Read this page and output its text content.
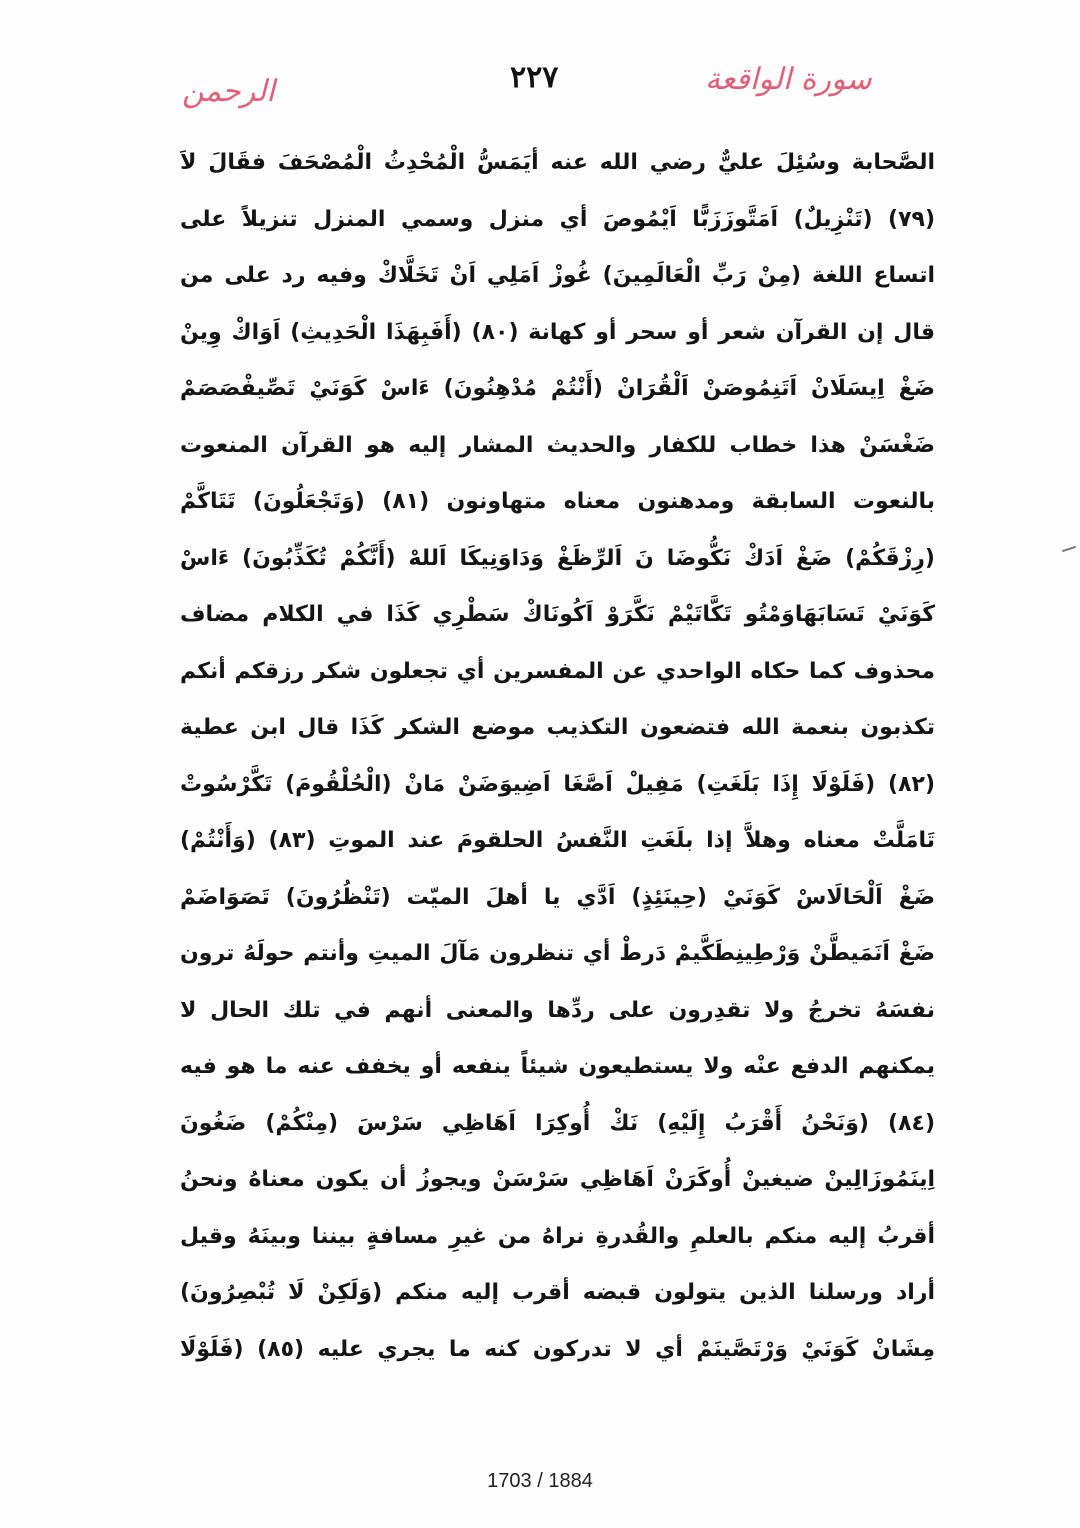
الرحمن	٢٢٧	سورة الواقعة
الصَّحابة وسُئِلَ عليٌّ رضي الله عنه أيَمَسُّ الْمُحْدِثُ الْمُصْحَفَ فقَالَ لاَ
(٧٩) (تَنْزِيلٌ) اَمَتَّوزَزَبًّا اَيْمُوصَ أي منزل وسمي المنزل تنزيلاً على
اتساع اللغة (مِنْ رَبِّ الْعَالَمِينَ) غُوزْ اَمَلِي اَنْ تَخَلَّاكْ وفيه رد على من
قال إن القرآن شعر أو سحر أو كهانة (٨٠) (أَفَبِهَذَا الْحَدِيثِ) اَوَاكْ وِينْ
ضَغْ اِيسَلَانْ اَتَنِمُوصَنْ اَلْقُرَانْ (أَنْتُمْ مُدْهِنُونَ) ءَاسْ كَوَنَيْ تَصِّيفْصَصَمْ
ضَغْسَنْ هذا خطاب للكفار والحديث المشار إليه هو القرآن المنعوت
بالنعوت السابقة ومدهنون معناه متهاونون (٨١) (وَتَجْعَلُونَ) تَتَاكَّمْ
(رِزْقَكُمْ) ضَغْ اَدَكْ نَكُّوضَا نَ اَلرِّظَغْ وَدَاوَنِيكَا اَللهْ (أَنَّكُمْ تُكَذِّبُونَ) ءَاسْ
كَوَنَيْ تَسَابَهَاوَمْتُو تَكَّاتَيْمْ نَكَّرَوْ اَكُونَاكْ سَطْرِي كَذَا في الكلام مضاف
محذوف كما حكاه الواحدي عن المفسرين أي تجعلون شكر رزقكم أنكم
تكذبون بنعمة الله فتضعون التكذيب موضع الشكر كَذَا قال ابن عطية
(٨٢) (فَلَوْلَا إِذَا بَلَغَتِ) مَفِيلْ اَصَّغَا اَضِيوَضَنْ مَانْ (الْحُلْقُومَ) تَكَّرْسُوتْ
تَامَلَّتْ معناه وهلاَّ إذا بلَغَتِ النَّفسُ الحلقومَ عند الموتِ (٨٣) (وَأَنْتُمْ)
ضَغْ اَلْحَالَاسْ كَوَنَيْ (حِينَئِذٍ) اَدَّي يا أهلَ الميّت (تَنْظُرُونَ) تَصَوَاضَمْ
ضَغْ اَنَمَيطَّنْ وَرْطِينِطَكَّيمْ دَرطْ أي تنظرون مَآلَ الميتِ وأنتم حولَهُ ترون
نفسَهُ تخرجُ ولا تقدِرون على ردِّها والمعنى أنهم في تلك الحال لا
يمكنهم الدفع عنْه ولا يستطيعون شيئاً ينفعه أو يخفف عنه ما هو فيه
(٨٤) (وَنَحْنُ أَقْرَبُ إِلَيْهِ) نَكْ أُوكِرَا اَهَاظِي سَرْسَ (مِنْكُمْ) ضَغُونَ
اِينَمُوزَالِينْ ضيغينْ أُوكَرَنْ اَهَاظِي سَرْسَنْ ويجوزُ أن يكون معناهُ ونحنُ
أقربُ إليه منكم بالعلمِ والقُدرةِ نراهُ من غيرِ مسافةٍ بيننا وبينَهُ وقيل
أراد ورسلنا الذين يتولون قبضه أقرب إليه منكم (وَلَكِنْ لَا تُبْصِرُونَ)
مِشَانْ كَوَنَيْ وَرْتَصَّينَمْ أي لا تدركون كنه ما يجري عليه (٨٥) (فَلَوْلَا
1703 / 1884
